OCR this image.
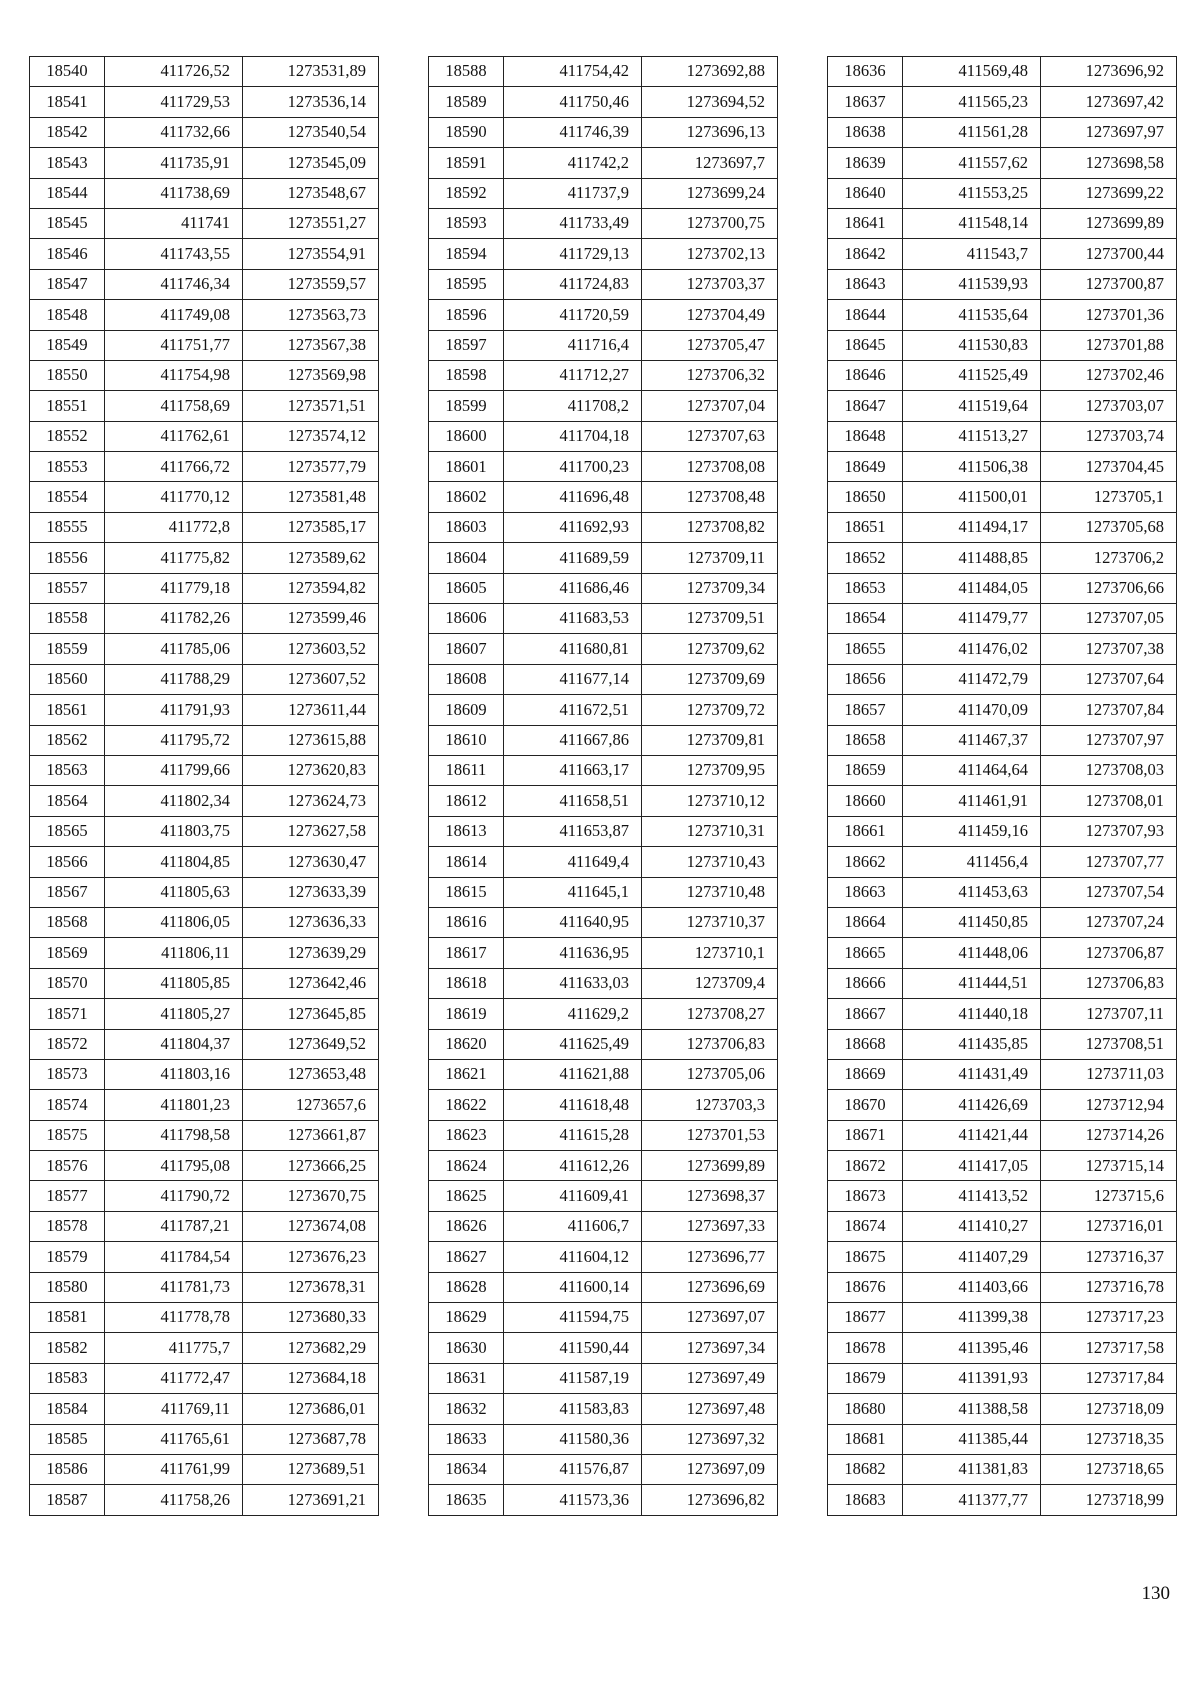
18540	411726,52	1273531,89
18541	411729,53	1273536,14
18542	411732,66	1273540,54
18543	411735,91	1273545,09
18544	411738,69	1273548,67
18545	411741	1273551,27
18546	411743,55	1273554,91
18547	411746,34	1273559,57
18548	411749,08	1273563,73
18549	411751,77	1273567,38
18550	411754,98	1273569,98
18551	411758,69	1273571,51
18552	411762,61	1273574,12
18553	411766,72	1273577,79
18554	411770,12	1273581,48
18555	411772,8	1273585,17
18556	411775,82	1273589,62
18557	411779,18	1273594,82
18558	411782,26	1273599,46
18559	411785,06	1273603,52
18560	411788,29	1273607,52
18561	411791,93	1273611,44
18562	411795,72	1273615,88
18563	411799,66	1273620,83
18564	411802,34	1273624,73
18565	411803,75	1273627,58
18566	411804,85	1273630,47
18567	411805,63	1273633,39
18568	411806,05	1273636,33
18569	411806,11	1273639,29
18570	411805,85	1273642,46
18571	411805,27	1273645,85
18572	411804,37	1273649,52
18573	411803,16	1273653,48
18574	411801,23	1273657,6
18575	411798,58	1273661,87
18576	411795,08	1273666,25
18577	411790,72	1273670,75
18578	411787,21	1273674,08
18579	411784,54	1273676,23
18580	411781,73	1273678,31
18581	411778,78	1273680,33
18582	411775,7	1273682,29
18583	411772,47	1273684,18
18584	411769,11	1273686,01
18585	411765,61	1273687,78
18586	411761,99	1273689,51
18587	411758,26	1273691,21
18588	411754,42	1273692,88
18589	411750,46	1273694,52
18590	411746,39	1273696,13
18591	411742,2	1273697,7
18592	411737,9	1273699,24
18593	411733,49	1273700,75
18594	411729,13	1273702,13
18595	411724,83	1273703,37
18596	411720,59	1273704,49
18597	411716,4	1273705,47
18598	411712,27	1273706,32
18599	411708,2	1273707,04
18600	411704,18	1273707,63
18601	411700,23	1273708,08
18602	411696,48	1273708,48
18603	411692,93	1273708,82
18604	411689,59	1273709,11
18605	411686,46	1273709,34
18606	411683,53	1273709,51
18607	411680,81	1273709,62
18608	411677,14	1273709,69
18609	411672,51	1273709,72
18610	411667,86	1273709,81
18611	411663,17	1273709,95
18612	411658,51	1273710,12
18613	411653,87	1273710,31
18614	411649,4	1273710,43
18615	411645,1	1273710,48
18616	411640,95	1273710,37
18617	411636,95	1273710,1
18618	411633,03	1273709,4
18619	411629,2	1273708,27
18620	411625,49	1273706,83
18621	411621,88	1273705,06
18622	411618,48	1273703,3
18623	411615,28	1273701,53
18624	411612,26	1273699,89
18625	411609,41	1273698,37
18626	411606,7	1273697,33
18627	411604,12	1273696,77
18628	411600,14	1273696,69
18629	411594,75	1273697,07
18630	411590,44	1273697,34
18631	411587,19	1273697,49
18632	411583,83	1273697,48
18633	411580,36	1273697,32
18634	411576,87	1273697,09
18635	411573,36	1273696,82
18636	411569,48	1273696,92
18637	411565,23	1273697,42
18638	411561,28	1273697,97
18639	411557,62	1273698,58
18640	411553,25	1273699,22
18641	411548,14	1273699,89
18642	411543,7	1273700,44
18643	411539,93	1273700,87
18644	411535,64	1273701,36
18645	411530,83	1273701,88
18646	411525,49	1273702,46
18647	411519,64	1273703,07
18648	411513,27	1273703,74
18649	411506,38	1273704,45
18650	411500,01	1273705,1
18651	411494,17	1273705,68
18652	411488,85	1273706,2
18653	411484,05	1273706,66
18654	411479,77	1273707,05
18655	411476,02	1273707,38
18656	411472,79	1273707,64
18657	411470,09	1273707,84
18658	411467,37	1273707,97
18659	411464,64	1273708,03
18660	411461,91	1273708,01
18661	411459,16	1273707,93
18662	411456,4	1273707,77
18663	411453,63	1273707,54
18664	411450,85	1273707,24
18665	411448,06	1273706,87
18666	411444,51	1273706,83
18667	411440,18	1273707,11
18668	411435,85	1273708,51
18669	411431,49	1273711,03
18670	411426,69	1273712,94
18671	411421,44	1273714,26
18672	411417,05	1273715,14
18673	411413,52	1273715,6
18674	411410,27	1273716,01
18675	411407,29	1273716,37
18676	411403,66	1273716,78
18677	411399,38	1273717,23
18678	411395,46	1273717,58
18679	411391,93	1273717,84
18680	411388,58	1273718,09
18681	411385,44	1273718,35
18682	411381,83	1273718,65
18683	411377,77	1273718,99
130
